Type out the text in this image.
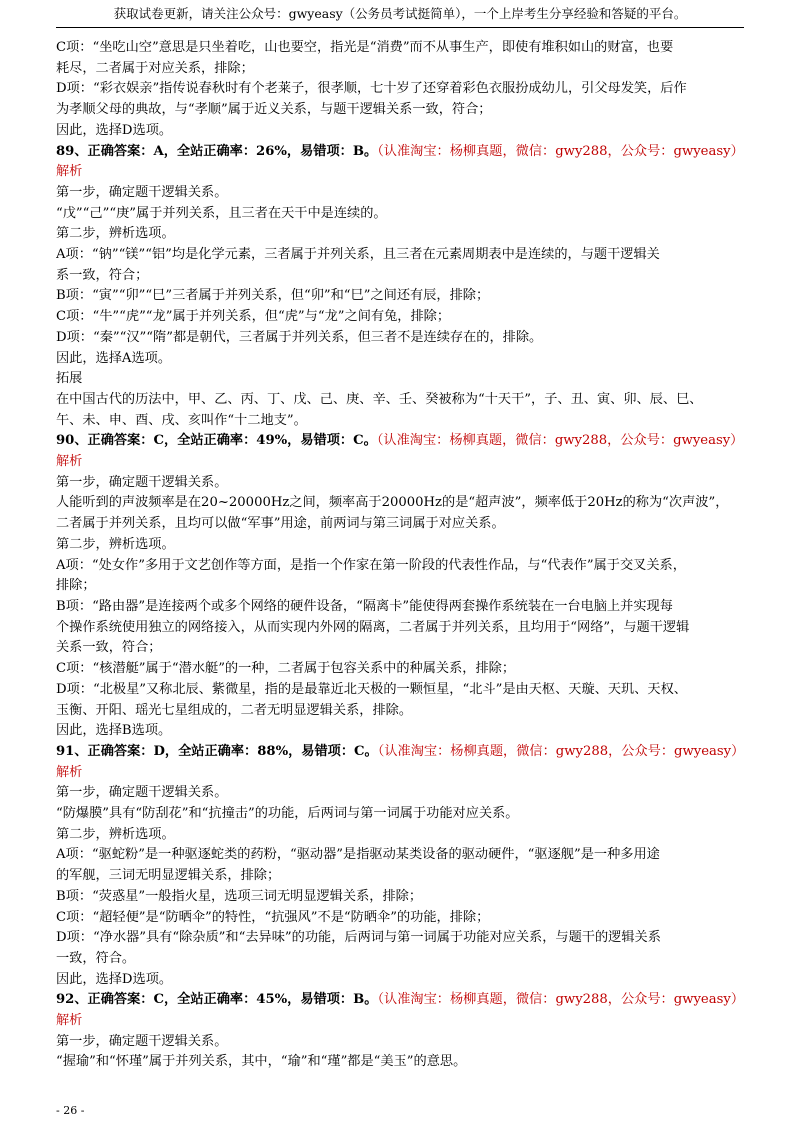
获取试卷更新，请关注公众号：gwyeasy（公务员考试挺简单），一个上岸考生分享经验和答疑的平台。
C项：“坐吃山空”意思是只坐着吃，山也要空，指光是“消费”而不从事生产，即使有堆积如山的财富，也要
耗尽，二者属于对应关系，排除；
D项：“彩衣娱亲”指传说春秋时有个老莱子，很孝顺，七十岁了还穿着彩色衣服扮成幼儿，引父母发笑，后作
为孝顺父母的典故，与“孝顺”属于近义关系，与题干逻辑关系一致，符合；
因此，选择D选项。
89、正确答案：A，全站正确率：26%，易错项：B。（认准淘宝：杨柳真题，微信：gwy288，公众号：gwyeasy）
解析
第一步，确定题干逻辑关系。
“戊”“己”“庚”属于并列关系，且三者在天干中是连续的。
第二步，辨析选项。
A项：“钠”“镁”“铝”均是化学元素，三者属于并列关系，且三者在元素周期表中是连续的，与题干逻辑关
系一致，符合；
B项：“寅”“卯”“巳”三者属于并列关系，但“卯”和“巳”之间还有辰，排除；
C项：“牛”“虎”“龙”属于并列关系，但“虎”与“龙”之间有兔，排除；
D项：“秦”“汉”“隋”都是朝代，三者属于并列关系，但三者不是连续存在的，排除。
因此，选择A选项。
拓展
在中国古代的历法中，甲、乙、丙、丁、戊、己、庚、辛、壬、癸被称为“十天干”，子、丑、寅、卯、辰、巳、
午、未、申、酉、戌、亥叫作“十二地支”。
90、正确答案：C，全站正确率：49%，易错项：C。（认准淘宝：杨柳真题，微信：gwy288，公众号：gwyeasy）
解析
第一步，确定题干逻辑关系。
人能听到的声波频率是在20~20000Hz之间，频率高于20000Hz的是“超声波”，频率低于20Hz的称为“次声波”，
二者属于并列关系，且均可以做“军事”用途，前两词与第三词属于对应关系。
第二步，辨析选项。
A项：“处女作”多用于文艺创作等方面，是指一个作家在第一阶段的代表性作品，与“代表作”属于交叉关系，
排除；
B项：“路由器”是连接两个或多个网络的硬件设备，“隔离卡”能使得两套操作系统装在一台电脑上并实现每
个操作系统使用独立的网络接入，从而实现内外网的隔离，二者属于并列关系，且均用于“网络”，与题干逻辑
关系一致，符合；
C项：“核潜艇”属于“潜水艇”的一种，二者属于包容关系中的种属关系，排除；
D项：“北极星”又称北辰、紫微星，指的是最靠近北天极的一颗恒星，“北斗”是由天枢、天璇、天玑、天权、
玉衡、开阳、瑶光七星组成的，二者无明显逻辑关系，排除。
因此，选择B选项。
91、正确答案：D，全站正确率：88%，易错项：C。（认准淘宝：杨柳真题，微信：gwy288，公众号：gwyeasy）
解析
第一步，确定题干逻辑关系。
“防爆膜”具有“防刮花”和“抗撞击”的功能，后两词与第一词属于功能对应关系。
第二步，辨析选项。
A项：“驱蛇粉”是一种驱逐蛇类的药粉，“驱动器”是指驱动某类设备的驱动硬件，“驱逐舰”是一种多用途
的军舰，三词无明显逻辑关系，排除；
B项：“荧惑星”一般指火星，选项三词无明显逻辑关系，排除；
C项：“超轻便”是“防晒伞”的特性，“抗强风”不是“防晒伞”的功能，排除；
D项：“净水器”具有“除杂质”和“去异味”的功能，后两词与第一词属于功能对应关系，与题干的逻辑关系
一致，符合。
因此，选择D选项。
92、正确答案：C，全站正确率：45%，易错项：B。（认准淘宝：杨柳真题，微信：gwy288，公众号：gwyeasy）
解析
第一步，确定题干逻辑关系。
“握瑜”和“怀瑾”属于并列关系，其中，“瑜”和“瑾”都是“美玉”的意思。
- 26 -
